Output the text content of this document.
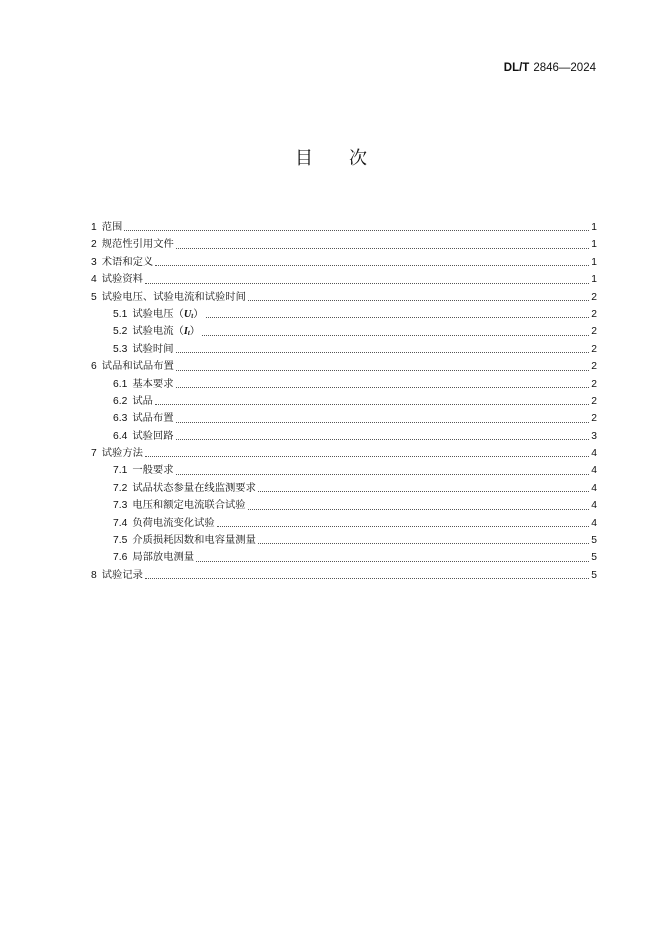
DL/T 2846—2024
目　　次
1 范围	1
2 规范性引用文件	1
3 术语和定义	1
4 试验资料	1
5 试验电压、试验电流和试验时间	2
5.1 试验电压（Ut）	2
5.2 试验电流（It）	2
5.3 试验时间	2
6 试品和试品布置	2
6.1 基本要求	2
6.2 试品	2
6.3 试品布置	2
6.4 试验回路	3
7 试验方法	4
7.1 一般要求	4
7.2 试品状态参量在线监测要求	4
7.3 电压和额定电流联合试验	4
7.4 负荷电流变化试验	4
7.5 介质损耗因数和电容量测量	5
7.6 局部放电测量	5
8 试验记录	5
